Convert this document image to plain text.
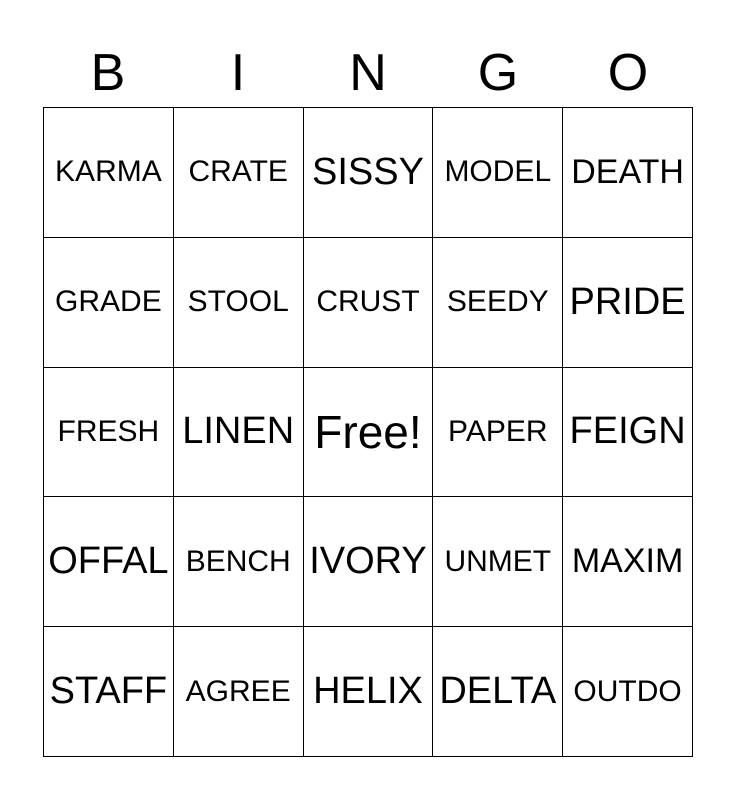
B	I	N	G	O
KARMA CRATE SISSY MODEL DEATH
GRADE STOOL CRUST SEEDY PRIDE
FRESH LINEN Free! PAPER FEIGN
OFFAL BENCH IVORY UNMET MAXIM
STAFF AGREE HELIX DELTA OUTDO
